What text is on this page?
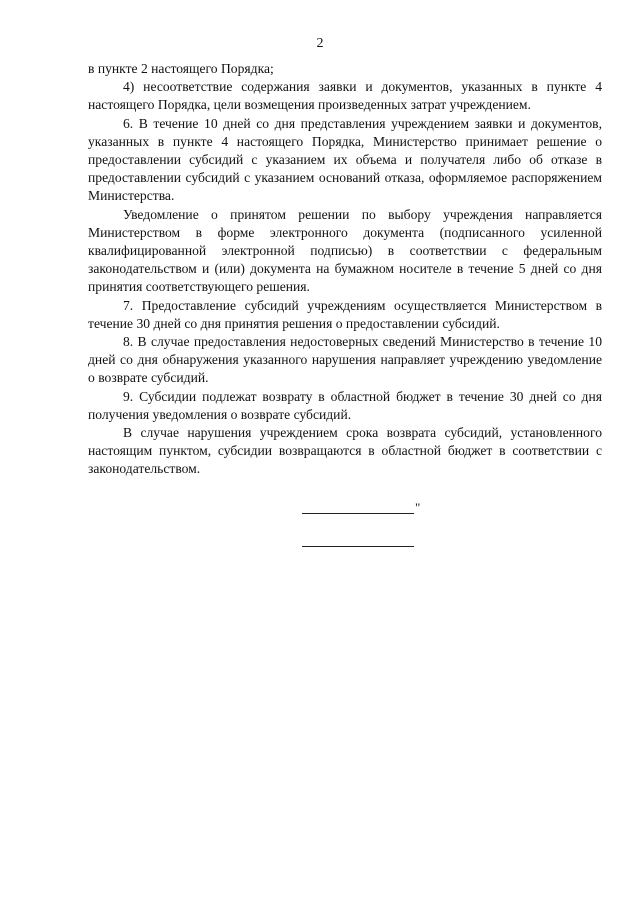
2

в пункте 2 настоящего Порядка;

4) несоответствие содержания заявки и документов, указанных в пункте 4 настоящего Порядка, цели возмещения произведенных затрат учреждением.

6. В течение 10 дней со дня представления учреждением заявки и документов, указанных в пункте 4 настоящего Порядка, Министерство принимает решение о предоставлении субсидий с указанием их объема и получателя либо об отказе в предоставлении субсидий с указанием оснований отказа, оформляемое распоряжением Министерства.

Уведомление о принятом решении по выбору учреждения направляется Министерством в форме электронного документа (подписанного усиленной квалифицированной электронной подписью) в соответствии с федеральным законодательством и (или) документа на бумажном носителе в течение 5 дней со дня принятия соответствующего решения.

7. Предоставление субсидий учреждениям осуществляется Министерством в течение 30 дней со дня принятия решения о предоставлении субсидий.

8. В случае предоставления недостоверных сведений Министерство в течение 10 дней со дня обнаружения указанного нарушения направляет учреждению уведомление о возврате субсидий.

9. Субсидии подлежат возврату в областной бюджет в течение 30 дней со дня получения уведомления о возврате субсидий.

В случае нарушения учреждением срока возврата субсидий, установленного настоящим пунктом, субсидии возвращаются в областной бюджет в соответствии с законодательством.

"
